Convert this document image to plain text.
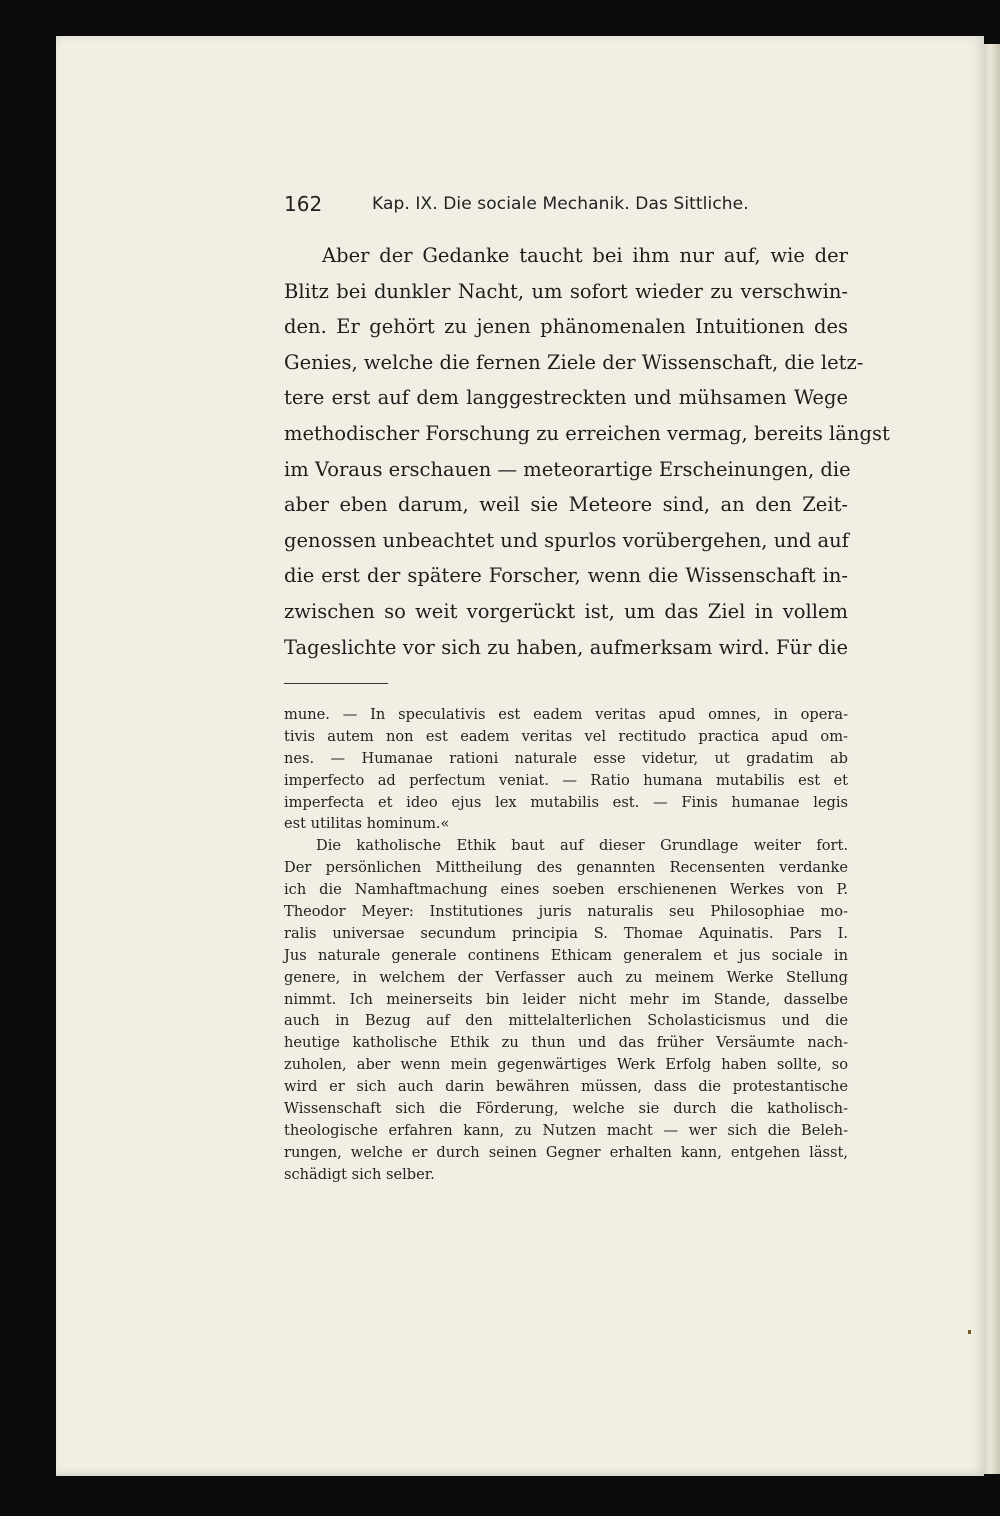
162	Kap. IX. Die sociale Mechanik. Das Sittliche.
Aber der Gedanke taucht bei ihm nur auf, wie der
Blitz bei dunkler Nacht, um sofort wieder zu verschwin-
den. Er gehört zu jenen phänomenalen Intuitionen des
Genies, welche die fernen Ziele der Wissenschaft, die letz-
tere erst auf dem langgestreckten und mühsamen Wege
methodischer Forschung zu erreichen vermag, bereits längst
im Voraus erschauen — meteorartige Erscheinungen, die
aber eben darum, weil sie Meteore sind, an den Zeit-
genossen unbeachtet und spurlos vorübergehen, und auf
die erst der spätere Forscher, wenn die Wissenschaft in-
zwischen so weit vorgerückt ist, um das Ziel in vollem
Tageslichte vor sich zu haben, aufmerksam wird. Für die
mune. — In speculativis est eadem veritas apud omnes, in opera-
tivis autem non est eadem veritas vel rectitudo practica apud om-
nes. — Humanae rationi naturale esse videtur, ut gradatim ab
imperfecto ad perfectum veniat. — Ratio humana mutabilis est et
imperfecta et ideo ejus lex mutabilis est. — Finis humanae legis
est utilitas hominum.«
Die katholische Ethik baut auf dieser Grundlage weiter fort.
Der persönlichen Mittheilung des genannten Recensenten verdanke
ich die Namhaftmachung eines soeben erschienenen Werkes von P.
Theodor Meyer: Institutiones juris naturalis seu Philosophiae mo-
ralis universae secundum principia S. Thomae Aquinatis. Pars I.
Jus naturale generale continens Ethicam generalem et jus sociale in
genere, in welchem der Verfasser auch zu meinem Werke Stellung
nimmt. Ich meinerseits bin leider nicht mehr im Stande, dasselbe
auch in Bezug auf den mittelalterlichen Scholasticismus und die
heutige katholische Ethik zu thun und das früher Versäumte nach-
zuholen, aber wenn mein gegenwärtiges Werk Erfolg haben sollte, so
wird er sich auch darin bewähren müssen, dass die protestantische
Wissenschaft sich die Förderung, welche sie durch die katholisch-
theologische erfahren kann, zu Nutzen macht — wer sich die Beleh-
rungen, welche er durch seinen Gegner erhalten kann, entgehen lässt,
schädigt sich selber.
